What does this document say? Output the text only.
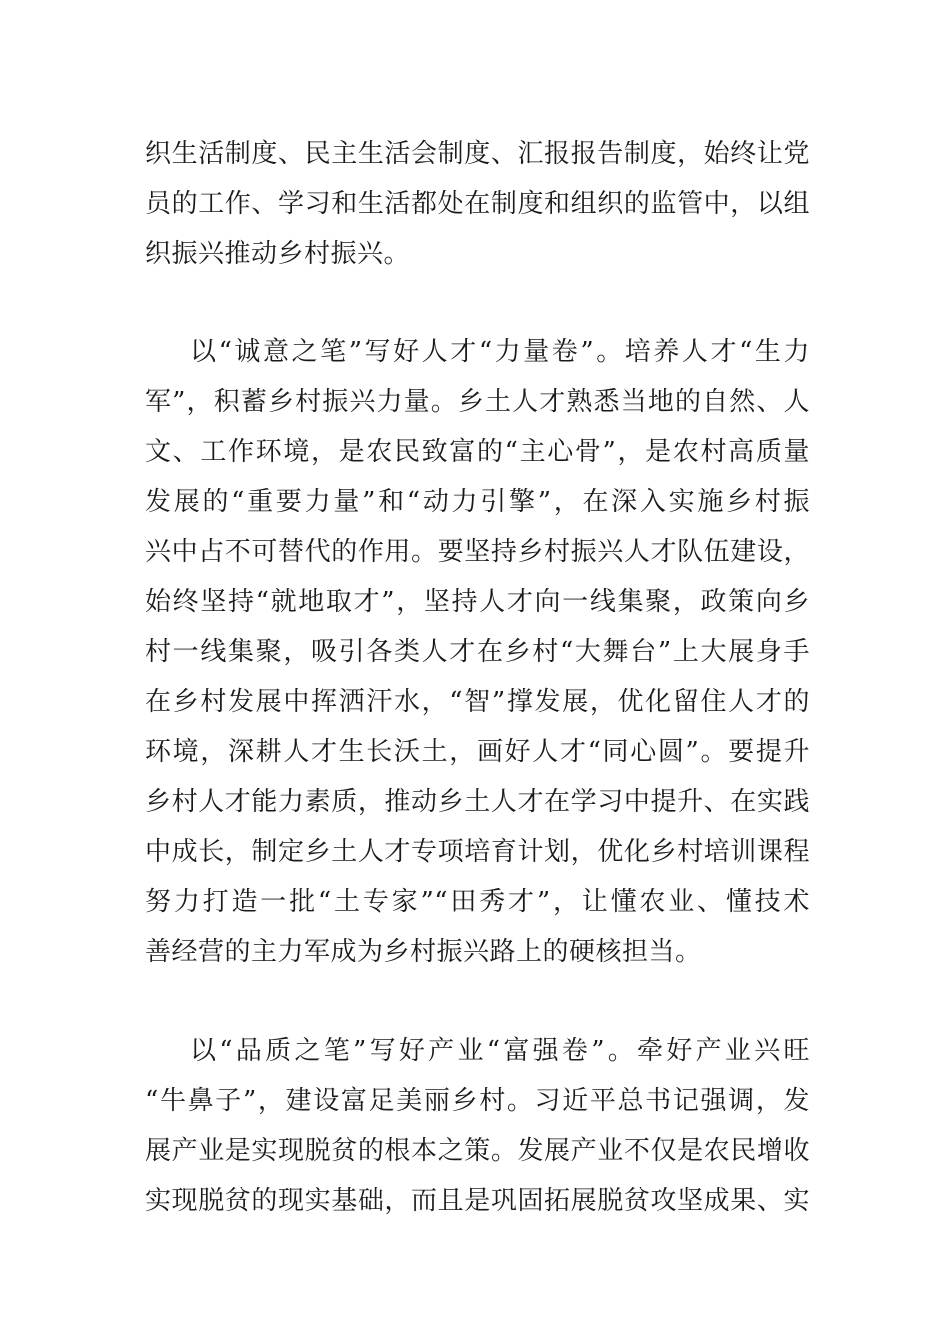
织生活制度、民主生活会制度、汇报报告制度，始终让党
员的工作、学习和生活都处在制度和组织的监管中，以组
织振兴推动乡村振兴。
以“诚意之笔”写好人才“力量卷”。培养人才“生力
军”，积蓄乡村振兴力量。乡土人才熟悉当地的自然、人
文、工作环境，是农民致富的“主心骨”，是农村高质量
发展的“重要力量”和“动力引擎”，在深入实施乡村振
兴中占不可替代的作用。要坚持乡村振兴人才队伍建设，
始终坚持“就地取才”，坚持人才向一线集聚，政策向乡
村一线集聚，吸引各类人才在乡村“大舞台”上大展身手
在乡村发展中挥洒汗水，“智”撑发展，优化留住人才的
环境，深耕人才生长沃土，画好人才“同心圆”。要提升
乡村人才能力素质，推动乡土人才在学习中提升、在实践
中成长，制定乡土人才专项培育计划，优化乡村培训课程
努力打造一批“土专家”“田秀才”，让懂农业、懂技术
善经营的主力军成为乡村振兴路上的硬核担当。
以“品质之笔”写好产业“富强卷”。牵好产业兴旺
“牛鼻子”，建设富足美丽乡村。习近平总书记强调，发
展产业是实现脱贫的根本之策。发展产业不仅是农民增收
实现脱贫的现实基础，而且是巩固拓展脱贫攻坚成果、实
